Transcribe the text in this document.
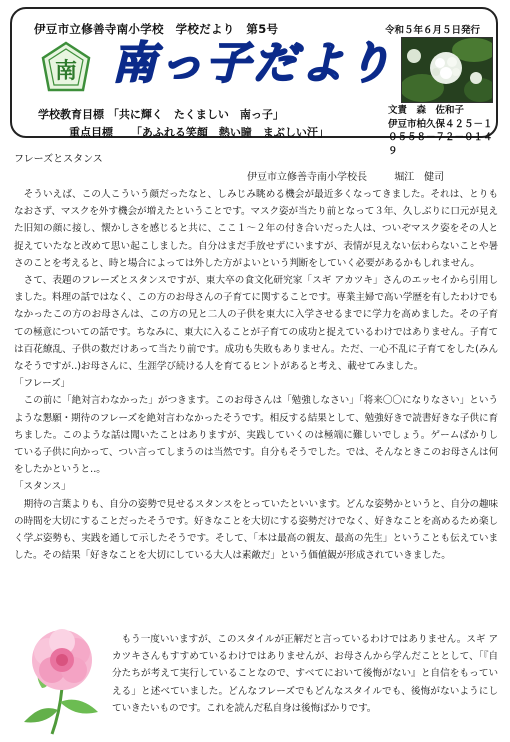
伊豆市立修善寺南小学校　学校だより　第5号	令和５年６月５日発行
南 南っ子だより
学校教育目標 「共に輝く　たくましい　南っ子」
重点目標 「あふれる笑顔　熱い瞳　まぶしい汗」
文責　森　佐和子
伊豆市柏久保４２５－１
０５５８－７２－０１４９
フレーズとスタンス
伊豆市立修善寺南小学校長	堀江　健司

そういえば、この人こういう顔だったなと、しみじみ眺める機会が最近多くなってきました。それは、とりもなおさず、マスクを外す機会が増えたということです。マスク姿が当たり前となって３年、久しぶりに口元が見えた旧知の顔に接し、懐かしさを感じると共に、ここ１～２年の付き合いだった人は、ついぞマスク姿をその人と捉えていたなと改めて思い起こしました。自分はまだ手放せずにいますが、表情が見えない伝わらないことや暑さのことを考えると、時と場合によっては外した方がよいという判断をしていく必要があるかもしれません。

さて、表題のフレーズとスタンスですが、東大卒の食文化研究家「スギ アカツキ」さんのエッセイから引用しました。料理の話ではなく、この方のお母さんの子育てに関することです。専業主婦で高い学歴を有したわけでもなかったこの方のお母さんは、この方の兄と二人の子供を東大に入学させるまでに学力を高めました。その子育ての極意についての話です。ちなみに、東大に入ることが子育ての成功と捉えているわけではありません。子育ては百花繚乱、子供の数だけあって当たり前です。成功も失敗もありません。ただ、一心不乱に子育てをした(みんなそうですが‥)お母さんに、生涯学び続ける人を育てるヒントがあると考え、載せてみました。

「フレーズ」

この前に「絶対言わなかった」がつきます。このお母さんは「勉強しなさい」「将来〇〇になりなさい」というような懇願・期待のフレーズを絶対言わなかったそうです。相反する結果として、勉強好きで読書好きな子供に育ちました。このような話は聞いたことはありますが、実践していくのは極端に難しいでしょう。ゲームばかりしている子供に向かって、つい言ってしまうのは当然です。自分もそうでした。では、そんなときこのお母さんは何をしたかというと‥。

「スタンス」

期待の言葉よりも、自分の姿勢で見せるスタンスをとっていたといいます。どんな姿勢かというと、自分の趣味の時間を大切にすることだったそうです。好きなことを大切にする姿勢だけでなく、好きなことを高めるため楽しく学ぶ姿勢も、実践を通して示したそうです。そして、「本は最高の親友、最高の先生」ということも伝えていました。その結果「好きなことを大切にしている大人は素敵だ」という価値観が形成されていきました。

もう一度いいますが、このスタイルが正解だと言っているわけではありません。スギ アカツキさんもすすめているわけではありませんが、お母さんから学んだこととして、「『自分たちが考えて実行していることなので、すべてにおいて後悔がない』と自信をもっていえる」と述べていました。どんなフレーズでもどんなスタイルでも、後悔がないようにしていきたいものです。これを読んだ私自身は後悔ばかりです。
